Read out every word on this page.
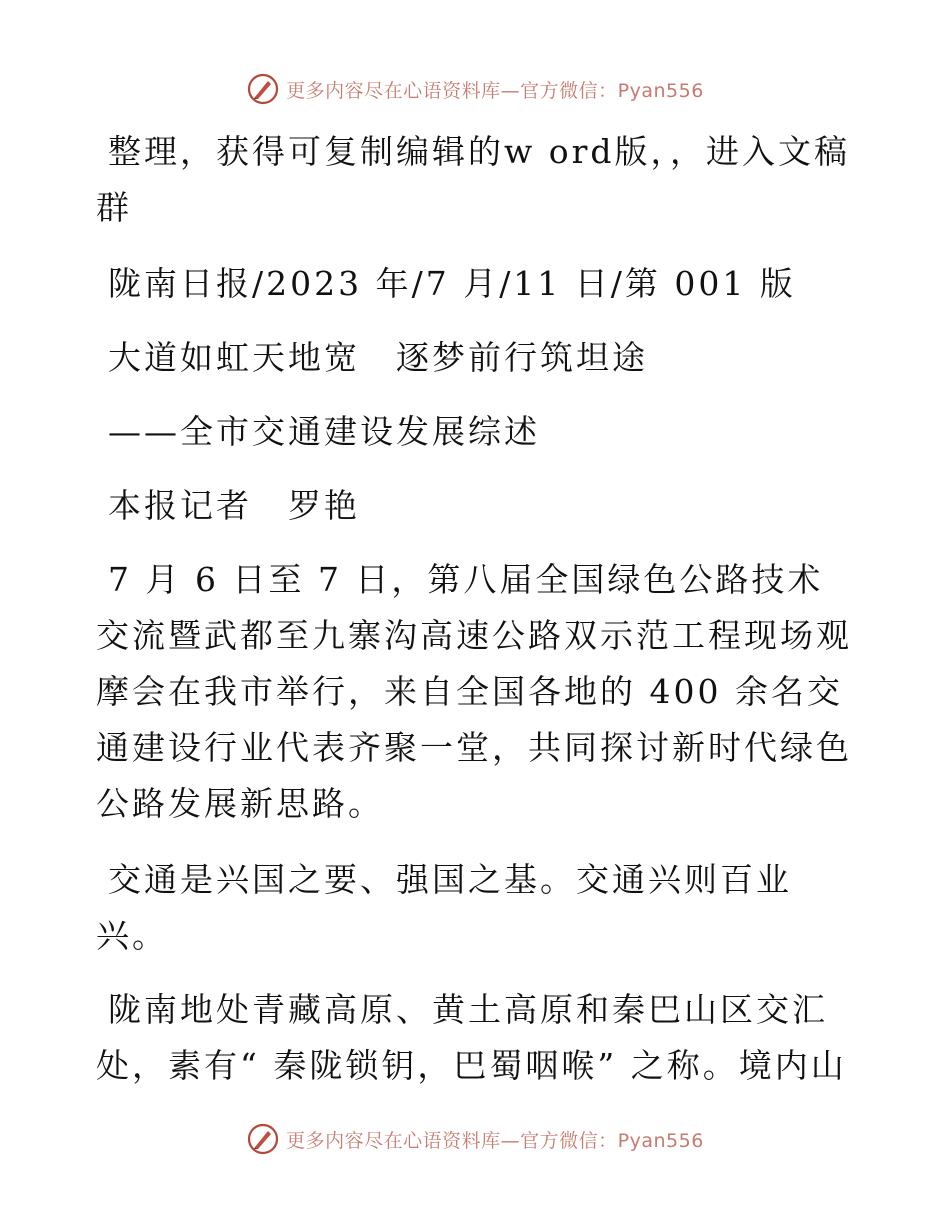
更多内容尽在心语资料库—官方微信：Pyan556

整理，获得可复制编辑的w ord版，，进入文稿群

陇南日报/2023 年/7 月/11 日/第 001 版

大道如虹天地宽　逐梦前行筑坦途

——全市交通建设发展综述

本报记者　罗艳

7 月 6 日至 7 日，第八届全国绿色公路技术交流暨武都至九寨沟高速公路双示范工程现场观摩会在我市举行，来自全国各地的 400 余名交通建设行业代表齐聚一堂，共同探讨新时代绿色公路发展新思路。

交通是兴国之要、强国之基。交通兴则百业兴。

陇南地处青藏高原、黄土高原和秦巴山区交汇处，素有“ 秦陇锁钥，巴蜀咽喉” 之称。境内山

更多内容尽在心语资料库—官方微信：Pyan556
